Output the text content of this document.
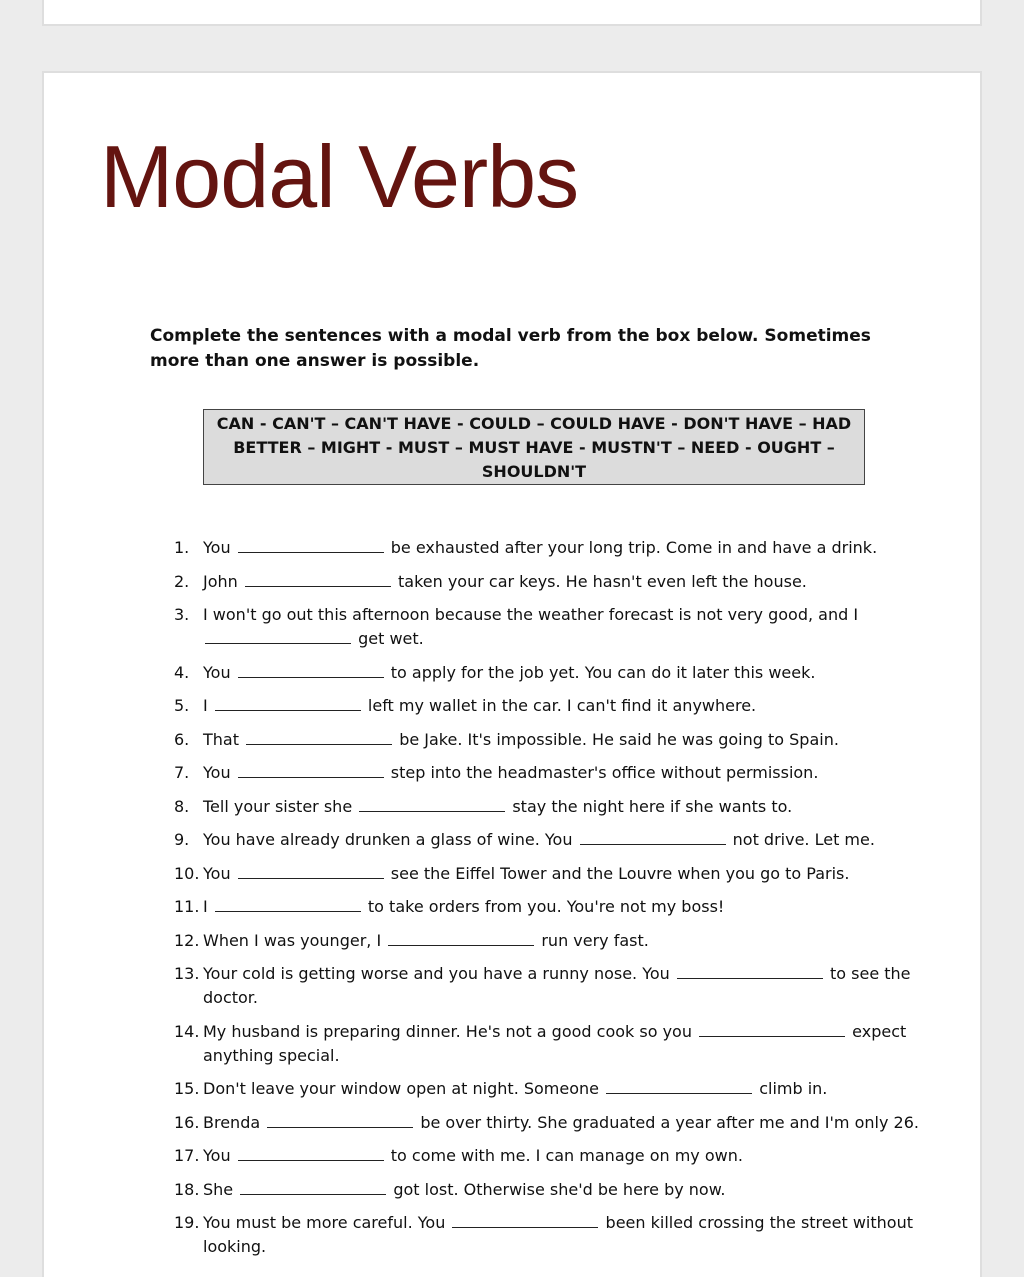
Modal Verbs

Complete the sentences with a modal verb from the box below. Sometimes more than one answer is possible.

CAN - CAN'T – CAN'T HAVE - COULD – COULD HAVE - DON'T HAVE – HAD BETTER – MIGHT - MUST – MUST HAVE - MUSTN'T – NEED - OUGHT – SHOULDN'T
1. You	be exhausted after your long trip. Come in and have a drink.
2. John	taken your car keys. He hasn't even left the house.
3. I won't go out this afternoon because the weather forecast is not very good, and I  get wet.
4. You	to apply for the job yet. You can do it later this week.
5. I	left my wallet in the car. I can't find it anywhere.
6. That	be Jake. It's impossible. He said he was going to Spain.
7. You	step into the headmaster's office without permission.
8. Tell your sister she	stay the night here if she wants to.
9. You have already drunken a glass of wine. You	not drive. Let me.
10. You	see the Eiffel Tower and the Louvre when you go to Paris.
11. I	to take orders from you. You're not my boss!
12. When I was younger, I	run very fast.
13. Your cold is getting worse and you have a runny nose. You	to see the doctor.
14. My husband is preparing dinner. He's not a good cook so you	expect anything special.
15. Don't leave your window open at night. Someone	climb in.
16. Brenda	be over thirty. She graduated a year after me and I'm only 26.
17. You	to come with me. I can manage on my own.
18. She	got lost. Otherwise she'd be here by now.
19. You must be more careful. You	been killed crossing the street without looking.
